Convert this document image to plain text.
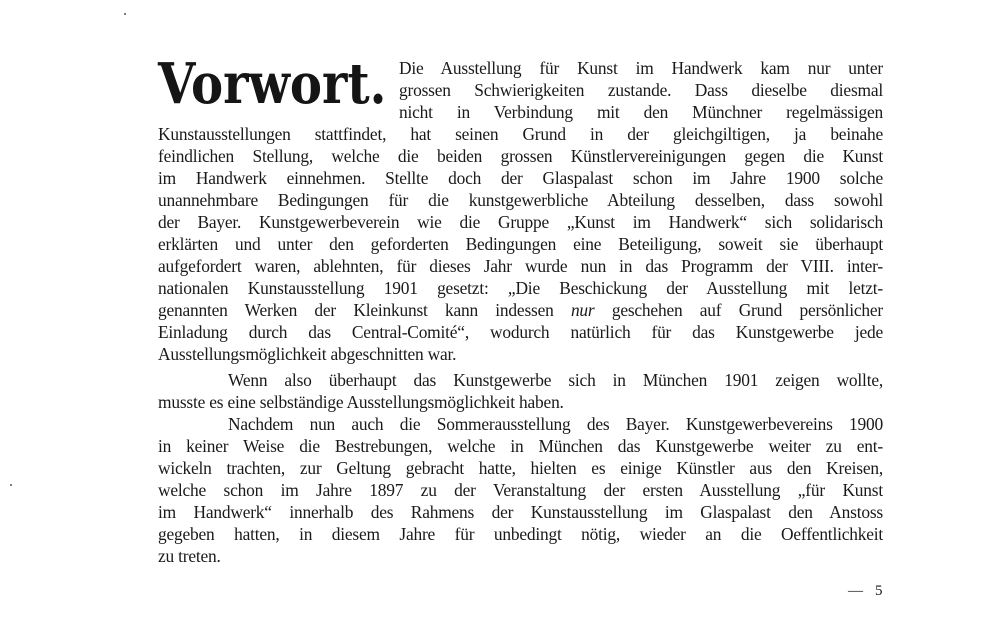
Vorwort. Die Ausstellung für Kunst im Handwerk kam nur unter
grossen Schwierigkeiten zustande. Dass dieselbe diesmal
nicht in Verbindung mit den Münchner regelmässigen
Kunstausstellungen stattfindet, hat seinen Grund in der gleichgiltigen, ja beinahe
feindlichen Stellung, welche die beiden grossen Künstlervereinigungen gegen die Kunst
im Handwerk einnehmen. Stellte doch der Glaspalast schon im Jahre 1900 solche
unannehmbare Bedingungen für die kunstgewerbliche Abteilung desselben, dass sowohl
der Bayer. Kunstgewerbeverein wie die Gruppe „Kunst im Handwerk“ sich solidarisch
erklärten und unter den geforderten Bedingungen eine Beteiligung, soweit sie überhaupt
aufgefordert waren, ablehnten, für dieses Jahr wurde nun in das Programm der VIII. inter-
nationalen Kunstausstellung 1901 gesetzt: „Die Beschickung der Ausstellung mit letzt-
genannten Werken der Kleinkunst kann indessen nur geschehen auf Grund persönlicher
Einladung durch das Central-Comité“, wodurch natürlich für das Kunstgewerbe jede
Ausstellungsmöglichkeit abgeschnitten war.
Wenn also überhaupt das Kunstgewerbe sich in München 1901 zeigen wollte,
musste es eine selbständige Ausstellungsmöglichkeit haben.
Nachdem nun auch die Sommerausstellung des Bayer. Kunstgewerbevereins 1900
in keiner Weise die Bestrebungen, welche in München das Kunstgewerbe weiter zu ent-
wickeln trachten, zur Geltung gebracht hatte, hielten es einige Künstler aus den Kreisen,
welche schon im Jahre 1897 zu der Veranstaltung der ersten Ausstellung „für Kunst
im Handwerk“ innerhalb des Rahmens der Kunstausstellung im Glaspalast den Anstoss
gegeben hatten, in diesem Jahre für unbedingt nötig, wieder an die Oeffentlichkeit
zu treten.
— 5
